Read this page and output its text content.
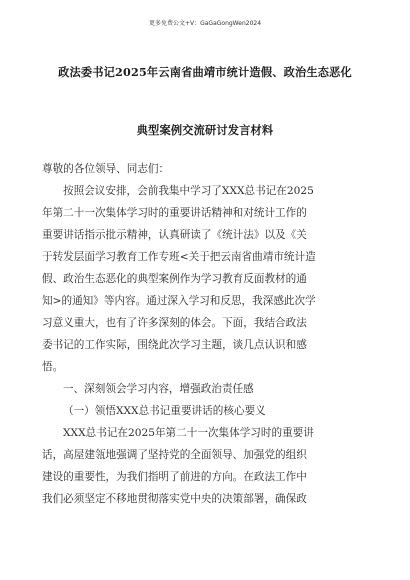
更多免费公文+V：GaGaGongWen2024
政法委书记2025年云南省曲靖市统计造假、政治生态恶化
典型案例交流研讨发言材料

尊敬的各位领导、同志们：

按照会议安排，会前我集中学习了XXX总书记在2025
年第二十一次集体学习时的重要讲话精神和对统计工作的
重要讲话指示批示精神，认真研读了《统计法》以及《关
于转发层面学习教育工作专班<关于把云南省曲靖市统计造
假、政治生态恶化的典型案例作为学习教育反面教材的通
知>的通知》等内容。通过深入学习和反思，我深感此次学
习意义重大，也有了许多深刻的体会。下面，我结合政法
委书记的工作实际，围绕此次学习主题，谈几点认识和感
悟。

一、深刻领会学习内容，增强政治责任感

（一）领悟XXX总书记重要讲话的核心要义

XXX总书记在2025年第二十一次集体学习时的重要讲
话，高屋建瓴地强调了坚持党的全面领导、加强党的组织
建设的重要性，为我们指明了前进的方向。在政法工作中
我们必须坚定不移地贯彻落实党中央的决策部署，确保政
